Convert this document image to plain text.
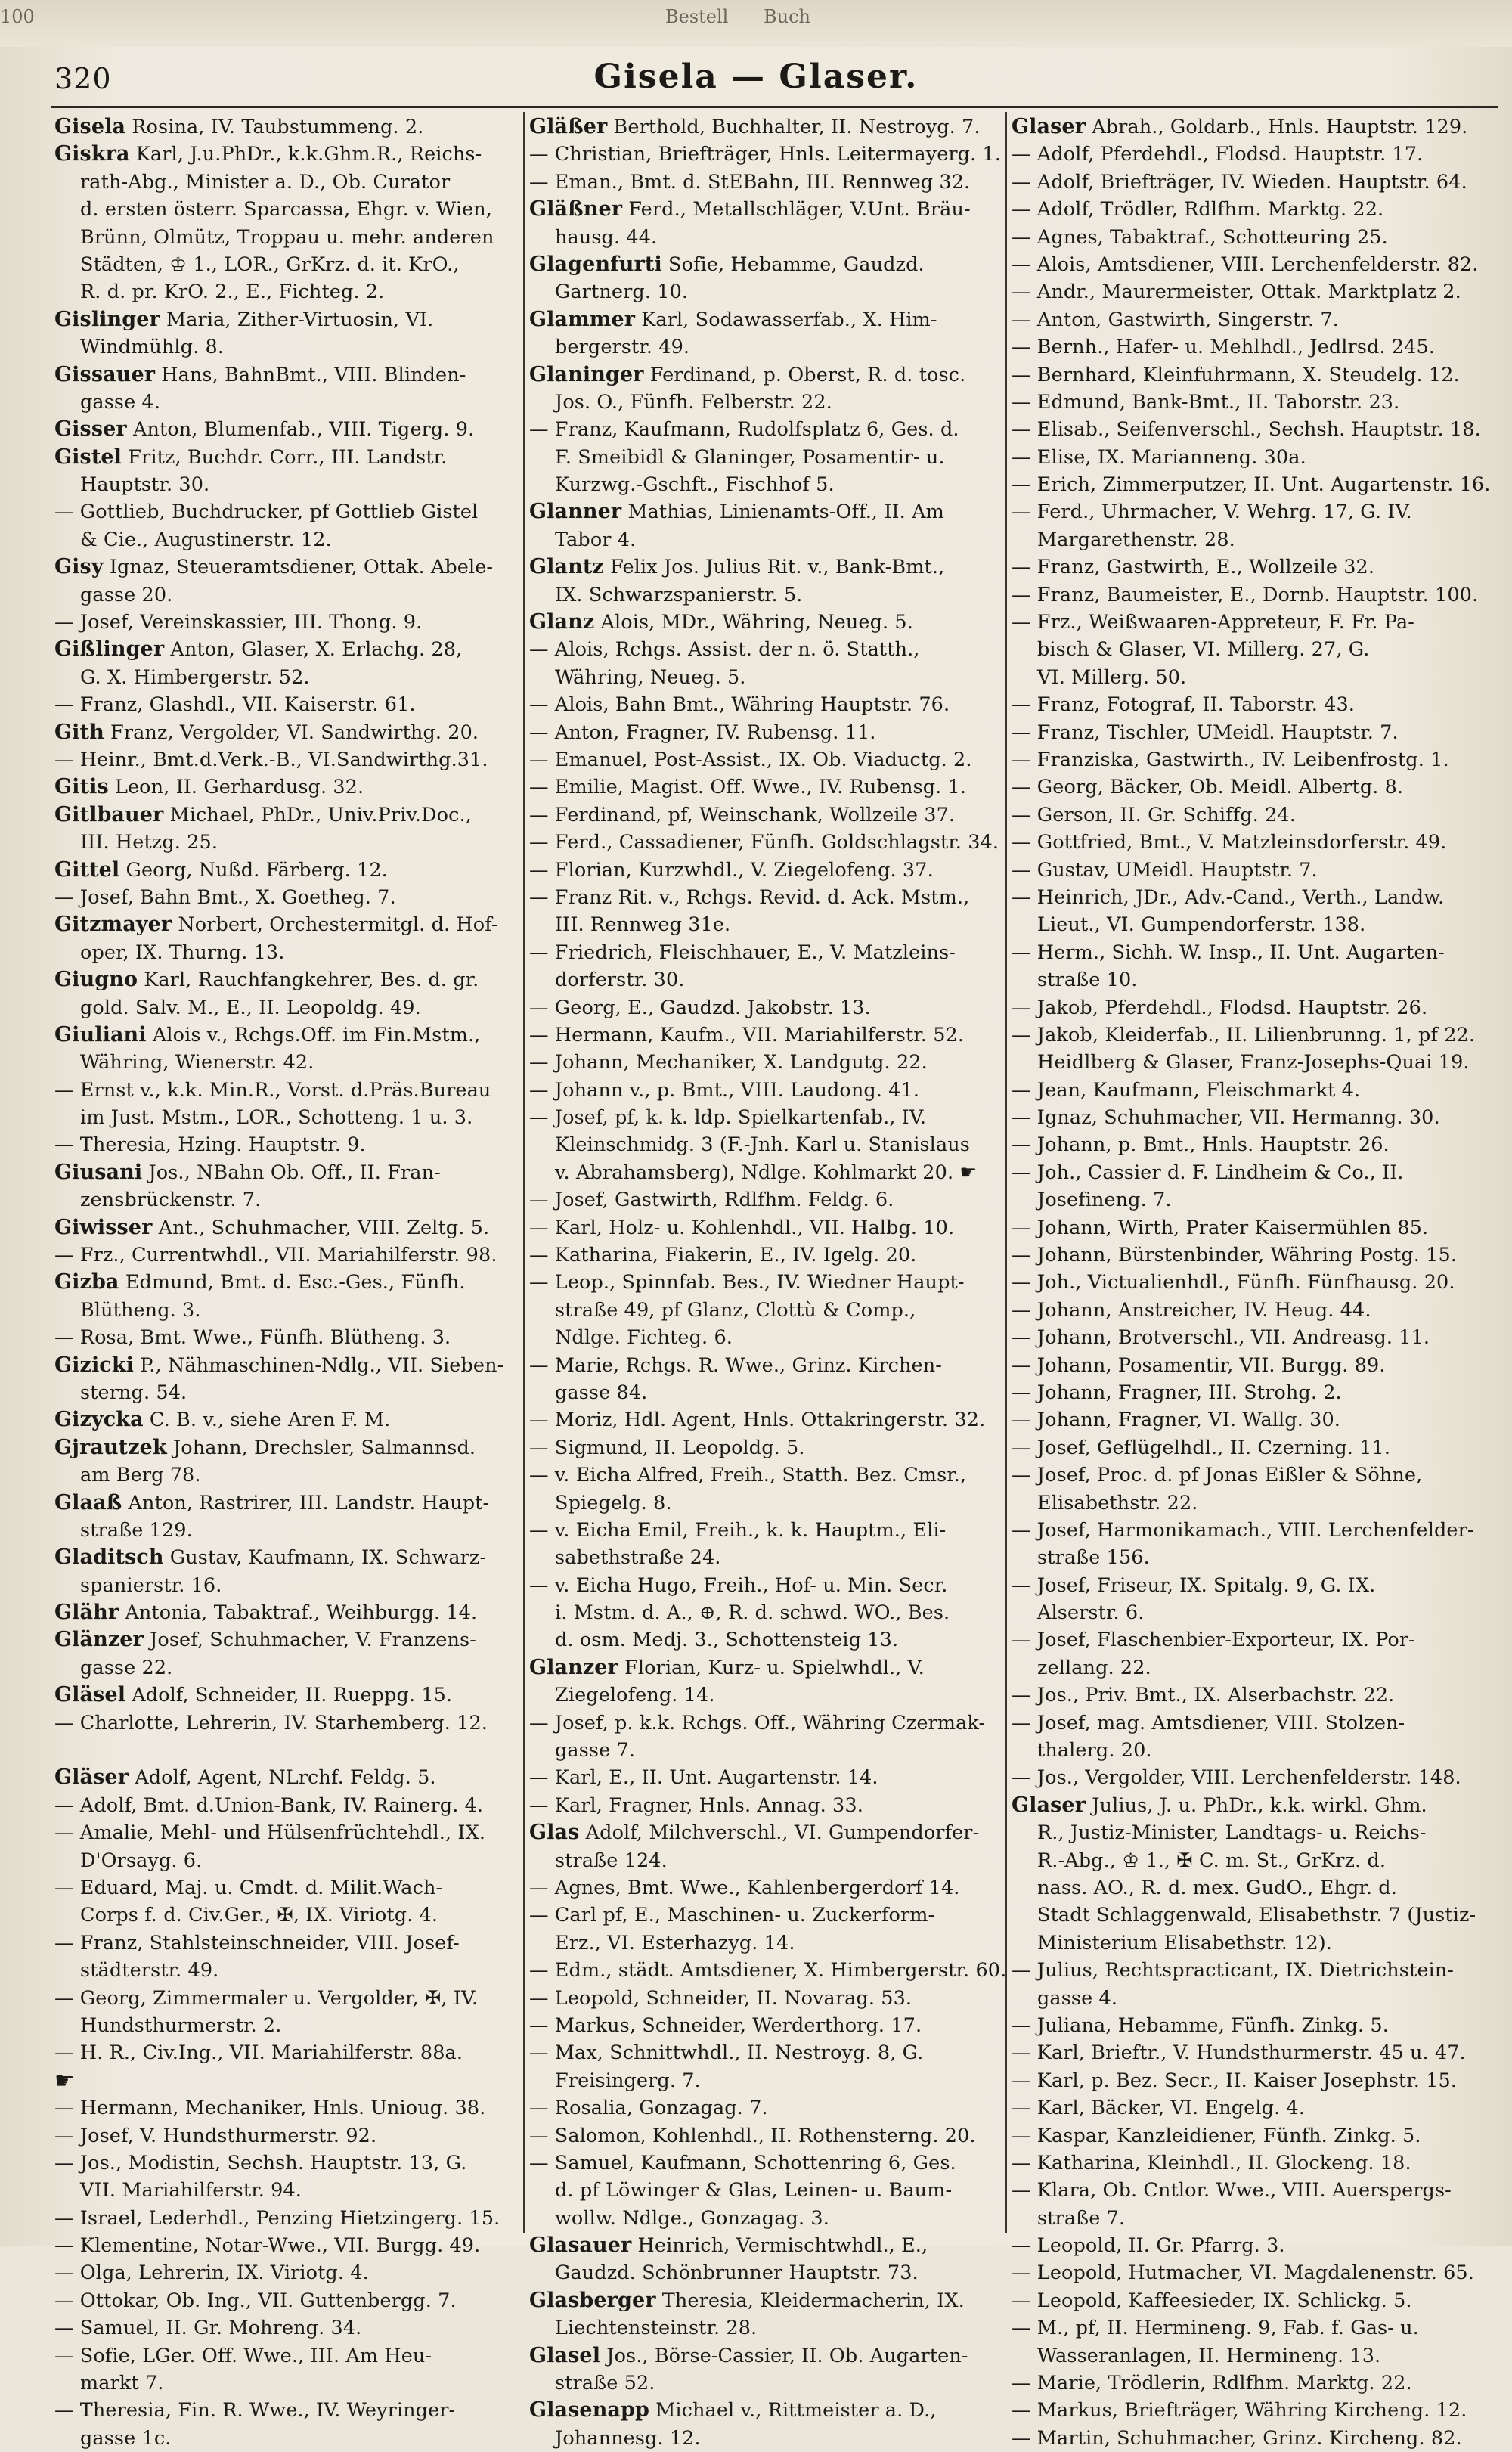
100	Bestell Buch
320	Gisela — Glaser.
Gisela Rosina, IV. Taubstummeng. 2.
Giskra Karl, J.u.PhDr., k.k.Ghm.R., Reichs-
rath-Abg., Minister a. D., Ob. Curator
d. ersten österr. Sparcassa, Ehgr. v. Wien,
Brünn, Olmütz, Troppau u. mehr. anderen
Städten, ♔ 1., LOR., GrKrz. d. it. KrO.,
R. d. pr. KrO. 2., E., Fichteg. 2.
Gislinger Maria, Zither-Virtuosin, VI.
Windmühlg. 8.
Gissauer Hans, BahnBmt., VIII. Blinden-
gasse 4.
Gisser Anton, Blumenfab., VIII. Tigerg. 9.
Gistel Fritz, Buchdr. Corr., III. Landstr.
Hauptstr. 30.
— Gottlieb, Buchdrucker, pf Gottlieb Gistel
& Cie., Augustinerstr. 12.
Gisy Ignaz, Steueramtsdiener, Ottak. Abele-
gasse 20.
— Josef, Vereinskassier, III. Thong. 9.
Gißlinger Anton, Glaser, X. Erlachg. 28,
G. X. Himbergerstr. 52.
— Franz, Glashdl., VII. Kaiserstr. 61.
Gith Franz, Vergolder, VI. Sandwirthg. 20.
— Heinr., Bmt.d.Verk.-B., VI.Sandwirthg.31.
Gitis Leon, II. Gerhardusg. 32.
Gitlbauer Michael, PhDr., Univ.Priv.Doc.,
III. Hetzg. 25.
Gittel Georg, Nußd. Färberg. 12.
— Josef, Bahn Bmt., X. Goetheg. 7.
Gitzmayer Norbert, Orchestermitgl. d. Hof-
oper, IX. Thurng. 13.
Giugno Karl, Rauchfangkehrer, Bes. d. gr.
gold. Salv. M., E., II. Leopoldg. 49.
Giuliani Alois v., Rchgs.Off. im Fin.Mstm.,
Währing, Wienerstr. 42.
— Ernst v., k.k. Min.R., Vorst. d.Präs.Bureau
im Just. Mstm., LOR., Schotteng. 1 u. 3.
— Theresia, Hzing. Hauptstr. 9.
Giusani Jos., NBahn Ob. Off., II. Fran-
zensbrückenstr. 7.
Giwisser Ant., Schuhmacher, VIII. Zeltg. 5.
— Frz., Currentwhdl., VII. Mariahilferstr. 98.
Gizba Edmund, Bmt. d. Esc.-Ges., Fünfh.
Blütheng. 3.
— Rosa, Bmt. Wwe., Fünfh. Blütheng. 3.
Gizicki P., Nähmaschinen-Ndlg., VII. Sieben-
sterng. 54.
Gizycka C. B. v., siehe Aren F. M.
Gjrautzek Johann, Drechsler, Salmannsd.
am Berg 78.
Glaaß Anton, Rastrirer, III. Landstr. Haupt-
straße 129.
Gladitsch Gustav, Kaufmann, IX. Schwarz-
spanierstr. 16.
Glähr Antonia, Tabaktraf., Weihburgg. 14.
Glänzer Josef, Schuhmacher, V. Franzens-
gasse 22.
Gläsel Adolf, Schneider, II. Rueppg. 15.
— Charlotte, Lehrerin, IV. Starhemberg. 12.
Gläser Adolf, Agent, NLrchf. Feldg. 5.
— Adolf, Bmt. d.Union-Bank, IV. Rainerg. 4.
— Amalie, Mehl- und Hülsenfrüchtehdl., IX.
D'Orsayg. 6.
— Eduard, Maj. u. Cmdt. d. Milit.Wach-
Corps f. d. Civ.Ger., ✠, IX. Viriotg. 4.
— Franz, Stahlsteinschneider, VIII. Josef-
städterstr. 49.
— Georg, Zimmermaler u. Vergolder, ✠, IV.
Hundsthurmerstr. 2.
— H. R., Civ.Ing., VII. Mariahilferstr. 88a.
☛
— Hermann, Mechaniker, Hnls. Unioug. 38.
— Josef, V. Hundsthurmerstr. 92.
— Jos., Modistin, Sechsh. Hauptstr. 13, G.
VII. Mariahilferstr. 94.
— Israel, Lederhdl., Penzing Hietzingerg. 15.
— Klementine, Notar-Wwe., VII. Burgg. 49.
— Olga, Lehrerin, IX. Viriotg. 4.
— Ottokar, Ob. Ing., VII. Guttenbergg. 7.
— Samuel, II. Gr. Mohreng. 34.
— Sofie, LGer. Off. Wwe., III. Am Heu-
markt 7.
— Theresia, Fin. R. Wwe., IV. Weyringer-
gasse 1c.
Gläßer Berthold, Buchhalter, II. Nestroyg. 7.
— Christian, Briefträger, Hnls. Leitermayerg. 1.
— Eman., Bmt. d. StEBahn, III. Rennweg 32.
Gläßner Ferd., Metallschläger, V.Unt. Bräu-
hausg. 44.
Glagenfurti Sofie, Hebamme, Gaudzd.
Gartnerg. 10.
Glammer Karl, Sodawasserfab., X. Him-
bergerstr. 49.
Glaninger Ferdinand, p. Oberst, R. d. tosc.
Jos. O., Fünfh. Felberstr. 22.
— Franz, Kaufmann, Rudolfsplatz 6, Ges. d.
F. Smeibidl & Glaninger, Posamentir- u.
Kurzwg.-Gschft., Fischhof 5.
Glanner Mathias, Linienamts-Off., II. Am
Tabor 4.
Glantz Felix Jos. Julius Rit. v., Bank-Bmt.,
IX. Schwarzspanierstr. 5.
Glanz Alois, MDr., Währing, Neueg. 5.
— Alois, Rchgs. Assist. der n. ö. Statth.,
Währing, Neueg. 5.
— Alois, Bahn Bmt., Währing Hauptstr. 76.
— Anton, Fragner, IV. Rubensg. 11.
— Emanuel, Post-Assist., IX. Ob. Viaductg. 2.
— Emilie, Magist. Off. Wwe., IV. Rubensg. 1.
— Ferdinand, pf, Weinschank, Wollzeile 37.
— Ferd., Cassadiener, Fünfh. Goldschlagstr. 34.
— Florian, Kurzwhdl., V. Ziegelofeng. 37.
— Franz Rit. v., Rchgs. Revid. d. Ack. Mstm.,
III. Rennweg 31e.
— Friedrich, Fleischhauer, E., V. Matzleins-
dorferstr. 30.
— Georg, E., Gaudzd. Jakobstr. 13.
— Hermann, Kaufm., VII. Mariahilferstr. 52.
— Johann, Mechaniker, X. Landgutg. 22.
— Johann v., p. Bmt., VIII. Laudong. 41.
— Josef, pf, k. k. ldp. Spielkartenfab., IV.
Kleinschmidg. 3 (F.-Jnh. Karl u. Stanislaus
v. Abrahamsberg), Ndlge. Kohlmarkt 20. ☛
— Josef, Gastwirth, Rdlfhm. Feldg. 6.
— Karl, Holz- u. Kohlenhdl., VII. Halbg. 10.
— Katharina, Fiakerin, E., IV. Igelg. 20.
— Leop., Spinnfab. Bes., IV. Wiedner Haupt-
straße 49, pf Glanz, Clottù & Comp.,
Ndlge. Fichteg. 6.
— Marie, Rchgs. R. Wwe., Grinz. Kirchen-
gasse 84.
— Moriz, Hdl. Agent, Hnls. Ottakringerstr. 32.
— Sigmund, II. Leopoldg. 5.
— v. Eicha Alfred, Freih., Statth. Bez. Cmsr.,
Spiegelg. 8.
— v. Eicha Emil, Freih., k. k. Hauptm., Eli-
sabethstraße 24.
— v. Eicha Hugo, Freih., Hof- u. Min. Secr.
i. Mstm. d. A., ⊕, R. d. schwd. WO., Bes.
d. osm. Medj. 3., Schottensteig 13.
Glanzer Florian, Kurz- u. Spielwhdl., V.
Ziegelofeng. 14.
— Josef, p. k.k. Rchgs. Off., Währing Czermak-
gasse 7.
— Karl, E., II. Unt. Augartenstr. 14.
— Karl, Fragner, Hnls. Annag. 33.
Glas Adolf, Milchverschl., VI. Gumpendorfer-
straße 124.
— Agnes, Bmt. Wwe., Kahlenbergerdorf 14.
— Carl pf, E., Maschinen- u. Zuckerform-
Erz., VI. Esterhazyg. 14.
— Edm., städt. Amtsdiener, X. Himbergerstr. 60.
— Leopold, Schneider, II. Novarag. 53.
— Markus, Schneider, Werderthorg. 17.
— Max, Schnittwhdl., II. Nestroyg. 8, G.
Freisingerg. 7.
— Rosalia, Gonzagag. 7.
— Salomon, Kohlenhdl., II. Rothensterng. 20.
— Samuel, Kaufmann, Schottenring 6, Ges.
d. pf Löwinger & Glas, Leinen- u. Baum-
wollw. Ndlge., Gonzagag. 3.
Glasauer Heinrich, Vermischtwhdl., E.,
Gaudzd. Schönbrunner Hauptstr. 73.
Glasberger Theresia, Kleidermacherin, IX.
Liechtensteinstr. 28.
Glasel Jos., Börse-Cassier, II. Ob. Augarten-
straße 52.
Glasenapp Michael v., Rittmeister a. D.,
Johannesg. 12.
Glaser Abrah., Goldarb., Hnls. Hauptstr. 129.
— Adolf, Pferdehdl., Flodsd. Hauptstr. 17.
— Adolf, Briefträger, IV. Wieden. Hauptstr. 64.
— Adolf, Trödler, Rdlfhm. Marktg. 22.
— Agnes, Tabaktraf., Schotteuring 25.
— Alois, Amtsdiener, VIII. Lerchenfelderstr. 82.
— Andr., Maurermeister, Ottak. Marktplatz 2.
— Anton, Gastwirth, Singerstr. 7.
— Bernh., Hafer- u. Mehlhdl., Jedlrsd. 245.
— Bernhard, Kleinfuhrmann, X. Steudelg. 12.
— Edmund, Bank-Bmt., II. Taborstr. 23.
— Elisab., Seifenverschl., Sechsh. Hauptstr. 18.
— Elise, IX. Marianneng. 30a.
— Erich, Zimmerputzer, II. Unt. Augartenstr. 16.
— Ferd., Uhrmacher, V. Wehrg. 17, G. IV.
Margarethenstr. 28.
— Franz, Gastwirth, E., Wollzeile 32.
— Franz, Baumeister, E., Dornb. Hauptstr. 100.
— Frz., Weißwaaren-Appreteur, F. Fr. Pa-
bisch & Glaser, VI. Millerg. 27, G.
VI. Millerg. 50.
— Franz, Fotograf, II. Taborstr. 43.
— Franz, Tischler, UMeidl. Hauptstr. 7.
— Franziska, Gastwirth., IV. Leibenfrostg. 1.
— Georg, Bäcker, Ob. Meidl. Albertg. 8.
— Gerson, II. Gr. Schiffg. 24.
— Gottfried, Bmt., V. Matzleinsdorferstr. 49.
— Gustav, UMeidl. Hauptstr. 7.
— Heinrich, JDr., Adv.-Cand., Verth., Landw.
Lieut., VI. Gumpendorferstr. 138.
— Herm., Sichh. W. Insp., II. Unt. Augarten-
straße 10.
— Jakob, Pferdehdl., Flodsd. Hauptstr. 26.
— Jakob, Kleiderfab., II. Lilienbrunng. 1, pf 22.
Heidlberg & Glaser, Franz-Josephs-Quai 19.
— Jean, Kaufmann, Fleischmarkt 4.
— Ignaz, Schuhmacher, VII. Hermanng. 30.
— Johann, p. Bmt., Hnls. Hauptstr. 26.
— Joh., Cassier d. F. Lindheim & Co., II.
Josefineng. 7.
— Johann, Wirth, Prater Kaisermühlen 85.
— Johann, Bürstenbinder, Währing Postg. 15.
— Joh., Victualienhdl., Fünfh. Fünfhausg. 20.
— Johann, Anstreicher, IV. Heug. 44.
— Johann, Brotverschl., VII. Andreasg. 11.
— Johann, Posamentir, VII. Burgg. 89.
— Johann, Fragner, III. Strohg. 2.
— Johann, Fragner, VI. Wallg. 30.
— Josef, Geflügelhdl., II. Czerning. 11.
— Josef, Proc. d. pf Jonas Eißler & Söhne,
Elisabethstr. 22.
— Josef, Harmonikamach., VIII. Lerchenfelder-
straße 156.
— Josef, Friseur, IX. Spitalg. 9, G. IX.
Alserstr. 6.
— Josef, Flaschenbier-Exporteur, IX. Por-
zellang. 22.
— Jos., Priv. Bmt., IX. Alserbachstr. 22.
— Josef, mag. Amtsdiener, VIII. Stolzen-
thalerg. 20.
— Jos., Vergolder, VIII. Lerchenfelderstr. 148.
Glaser Julius, J. u. PhDr., k.k. wirkl. Ghm.
R., Justiz-Minister, Landtags- u. Reichs-
R.-Abg., ♔ 1., ✠ C. m. St., GrKrz. d.
nass. AO., R. d. mex. GudO., Ehgr. d.
Stadt Schlaggenwald, Elisabethstr. 7 (Justiz-
Ministerium Elisabethstr. 12).
— Julius, Rechtspracticant, IX. Dietrichstein-
gasse 4.
— Juliana, Hebamme, Fünfh. Zinkg. 5.
— Karl, Brieftr., V. Hundsthurmerstr. 45 u. 47.
— Karl, p. Bez. Secr., II. Kaiser Josephstr. 15.
— Karl, Bäcker, VI. Engelg. 4.
— Kaspar, Kanzleidiener, Fünfh. Zinkg. 5.
— Katharina, Kleinhdl., II. Glockeng. 18.
— Klara, Ob. Cntlor. Wwe., VIII. Auerspergs-
straße 7.
— Leopold, II. Gr. Pfarrg. 3.
— Leopold, Hutmacher, VI. Magdalenenstr. 65.
— Leopold, Kaffeesieder, IX. Schlickg. 5.
— M., pf, II. Hermineng. 9, Fab. f. Gas- u.
Wasseranlagen, II. Hermineng. 13.
— Marie, Trödlerin, Rdlfhm. Marktg. 22.
— Markus, Briefträger, Währing Kircheng. 12.
— Martin, Schuhmacher, Grinz. Kircheng. 82.
